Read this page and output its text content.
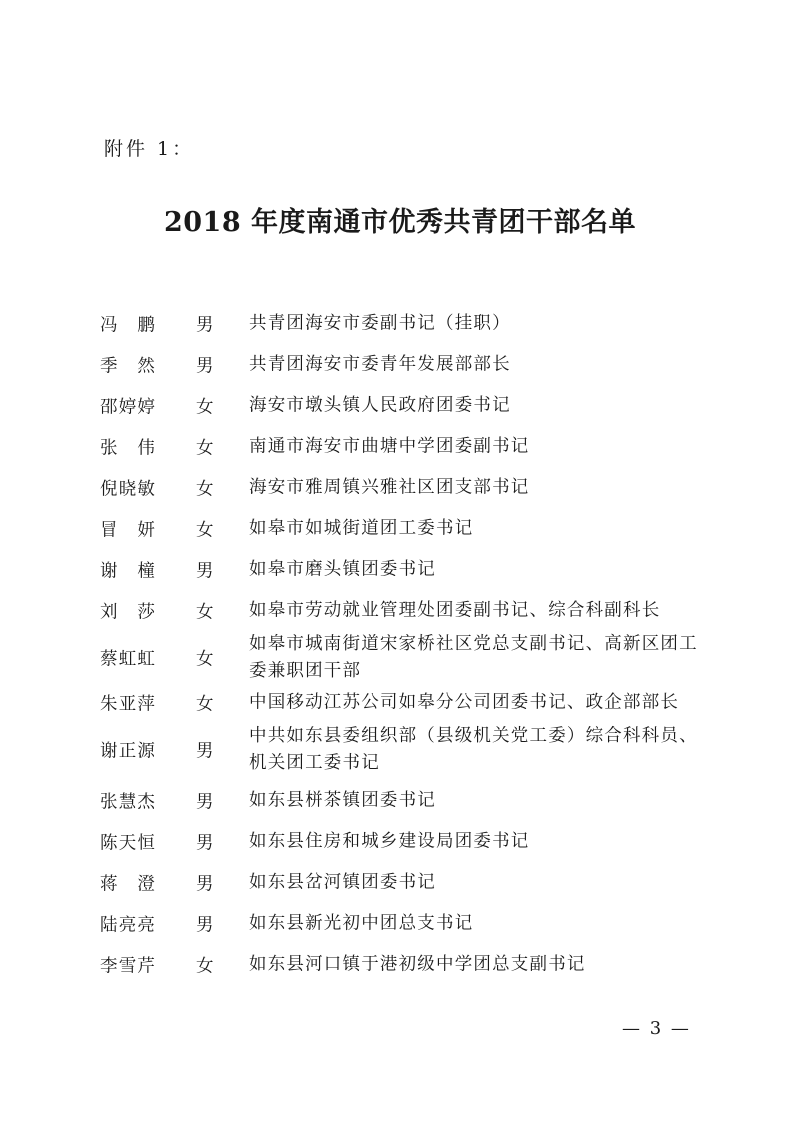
附件 1：
2018 年度南通市优秀共青团干部名单
冯　鹏 男 共青团海安市委副书记（挂职）
季　然 男 共青团海安市委青年发展部部长
邵婷婷 女 海安市墩头镇人民政府团委书记
张　伟 女 南通市海安市曲塘中学团委副书记
倪晓敏 女 海安市雅周镇兴雅社区团支部书记
冒　妍 女 如皋市如城街道团工委书记
谢　橦 男 如皋市磨头镇团委书记
刘　莎 女 如皋市劳动就业管理处团委副书记、综合科副科长
蔡虹虹 女
如皋市城南街道宋家桥社区党总支副书记、高新区团工委兼职团干部
朱亚萍 女 中国移动江苏公司如皋分公司团委书记、政企部部长
谢正源 男
中共如东县委组织部（县级机关党工委）综合科科员、机关团工委书记
张慧杰 男 如东县栟茶镇团委书记
陈天恒 男 如东县住房和城乡建设局团委书记
蒋　澄 男 如东县岔河镇团委书记
陆亮亮 男 如东县新光初中团总支书记
李雪芹 女 如东县河口镇于港初级中学团总支副书记
— 3 —
